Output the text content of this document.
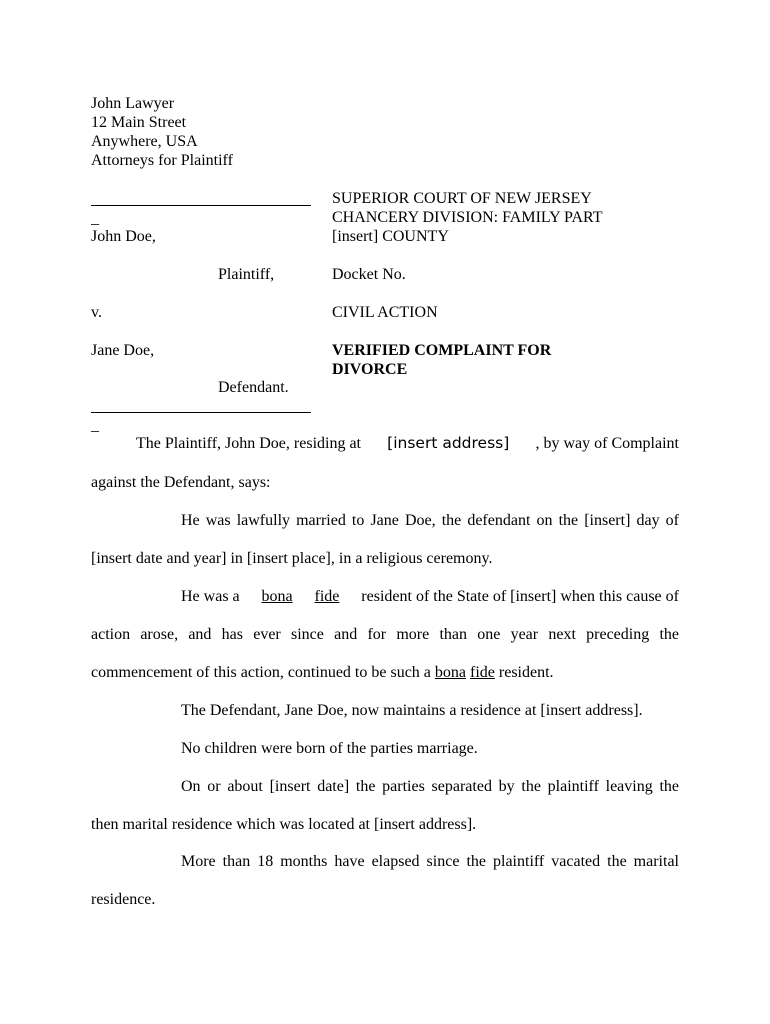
John Lawyer
12 Main Street
Anywhere, USA
Attorneys for Plaintiff
_
SUPERIOR COURT OF NEW JERSEY
CHANCERY DIVISION: FAMILY PART
[insert] COUNTY
John Doe,
Plaintiff,	Docket No.
v.	CIVIL ACTION
Jane Doe,	VERIFIED COMPLAINT FOR
DIVORCE
Defendant.
_
The Plaintiff, John Doe, residing at [insert address] , by way of Complaint
against the Defendant, says:
He was lawfully married to Jane Doe, the defendant on the [insert] day of
[insert date and year] in [insert place], in a religious ceremony.
He was a bona fide resident of the State of [insert] when this cause of
action arose, and has ever since and for more than one year next preceding the
commencement of this action, continued to be such a bona fide resident.
The Defendant, Jane Doe, now maintains a residence at [insert address].
No children were born of the parties marriage.
On or about [insert date] the parties separated by the plaintiff leaving the
then marital residence which was located at [insert address].
More than 18 months have elapsed since the plaintiff vacated the marital
residence.
